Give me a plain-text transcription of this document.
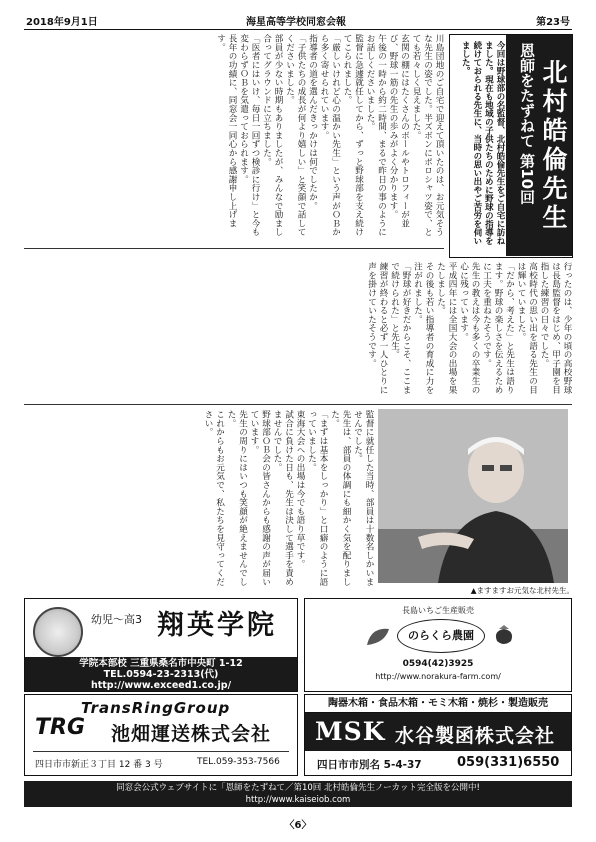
2018年9月1日	海星高等学校同窓会報	第23号
恩師をたずねて 第10回 北村皓倫先生
今回は野球部の名監督、北村皓倫先生をご自宅に訪ねました。現在も地域の子供たちのために野球の指導を続けておられる先生に、当時の思い出やご苦労を伺いました。

川島団地のご自宅で迎えて頂いたのは、お元気そうな先生の姿でした。半ズボンにポロシャツ姿で、とても若々しく見えました。

玄関の棚にはたくさんのボールやトロフィーが並び、野球一筋の先生の歩みがよく分かります。

午後の一時から約二時間、まるで昨日の事のようにお話しくださいました。

監督に急遽就任してから、ずっと野球部を支え続けてこられました。

「厳しいけれど心の温かい先生」という声がＯＢから多く寄せられています。

指導者の道を選んだきっかけは何でしたか。

「子供たちの成長が何より嬉しい」と笑顔で話してくださいました。

部員が少ない時期もありましたが、みんなで励まし合ってグラウンドに立ちました。

「医者にはいけ、毎日一回ずつ検診に行け」と今も変わらずＯＢを気遣っておられます。

長年の功績に、同窓会一同心から感謝申し上げます。

行ったのは、少年の頃の高校野球は長島監督をはじめ、甲子園を目指した練習の日々でした。

高校時代の思い出を語る先生の目は輝いていました。

「だから、考えた」と先生は語ります。野球の楽しさを伝えるために工夫を重ねたそうです。

先生の教えは今も多くの卒業生の心に残っています。

平成四年には全国大会の出場を果たしました。

その後も若い指導者の育成に力を注がれました。

「野球が好きだからこそ、ここまで続けられた」と先生。

練習が終わると必ず一人ひとりに声を掛けていたそうです。

監督に就任した当時、部員は十数名しかいませんでした。

先生は、部員の体調にも細かく気を配りました。

「まずは基本をしっかり」と口癖のように語っていました。

東海大会への出場は今でも語り草です。

試合に負けた日も、先生は決して選手を責めませんでした。

野球部ＯＢ会の皆さんからも感謝の声が届いています。

先生の周りにはいつも笑顔が絶えませんでした。

これからもお元気で、私たちを見守ってください。

▲ますますお元気な北村先生。
幼児〜高3 翔英学院
学院本部校 三重県桑名市中央町 1-12
TEL.0594-23-2313(代)
http://www.exceed1.co.jp/
長島いちご生産販売
のらくら農園
0594(42)3925
http://www.norakura-farm.com/
TransRingGroup
TRG 池畑運送株式会社
四日市市新正３丁目 12 番 3 号	TEL.059-353-7566
陶器木箱・食品木箱・モミ木箱・焼杉・製造販売
MSK 水谷製函株式会社
四日市市別名 5-4-37	059(331)6550
同窓会公式ウェブサイトに「恩師をたずねて／第10回 北村皓倫先生ノーカット完全版を公開中!
http://www.kaiseiob.com
〈6〉
